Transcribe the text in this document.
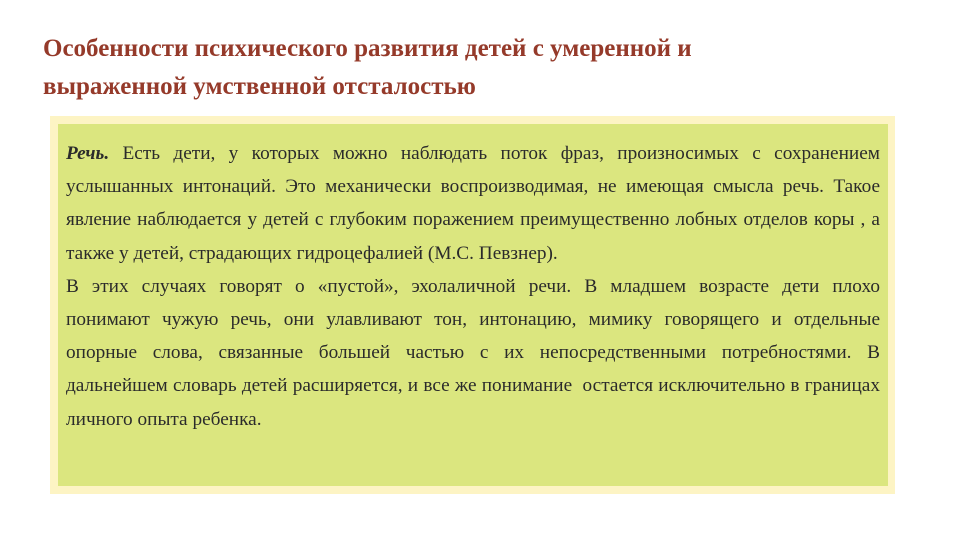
Особенности психического развития детей с умеренной и
выраженной умственной отсталостью

Речь. Есть дети, у которых можно наблюдать поток фраз, произносимых с сохранением услышанных интонаций. Это механически воспроизводимая, не имеющая смысла речь. Такое явление наблюдается у детей с глубоким поражением преимущественно лобных отделов коры , а также у детей, страдающих гидроцефалией (М.С. Певзнер).

В этих случаях говорят о «пустой», эхолаличной речи. В младшем возрасте дети плохо     понимают чужую речь, они улавливают тон, интонацию, мимику говорящего и отдельные опорные слова, связанные большей частью с их непосредственными потребностями. В дальнейшем словарь детей расширяется, и все же понимание  остается исключительно в границах личного опыта ребенка.
